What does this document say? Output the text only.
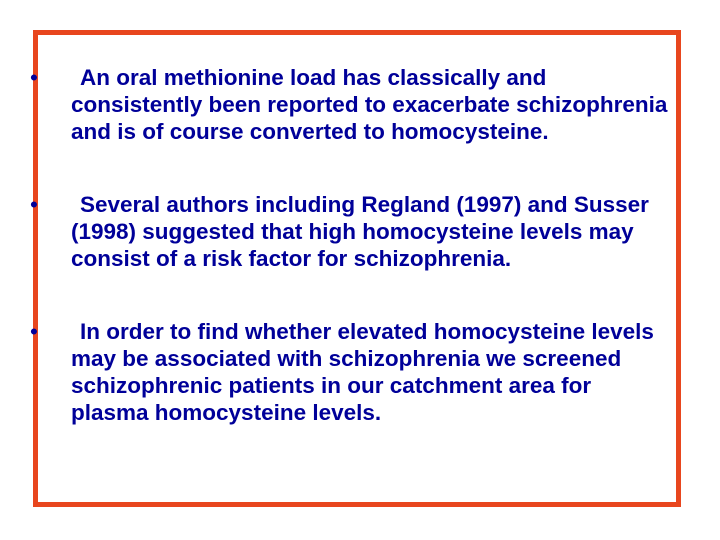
•	An oral methionine load has classically and consistently been reported to exacerbate schizophrenia and is of course converted to homocysteine.
•	Several authors including Regland (1997) and Susser (1998) suggested that high homocysteine levels may consist of a risk factor for schizophrenia.
•	In order to find whether elevated homocysteine levels may be associated with schizophrenia we screened schizophrenic patients in our catchment area for plasma homocysteine levels.
